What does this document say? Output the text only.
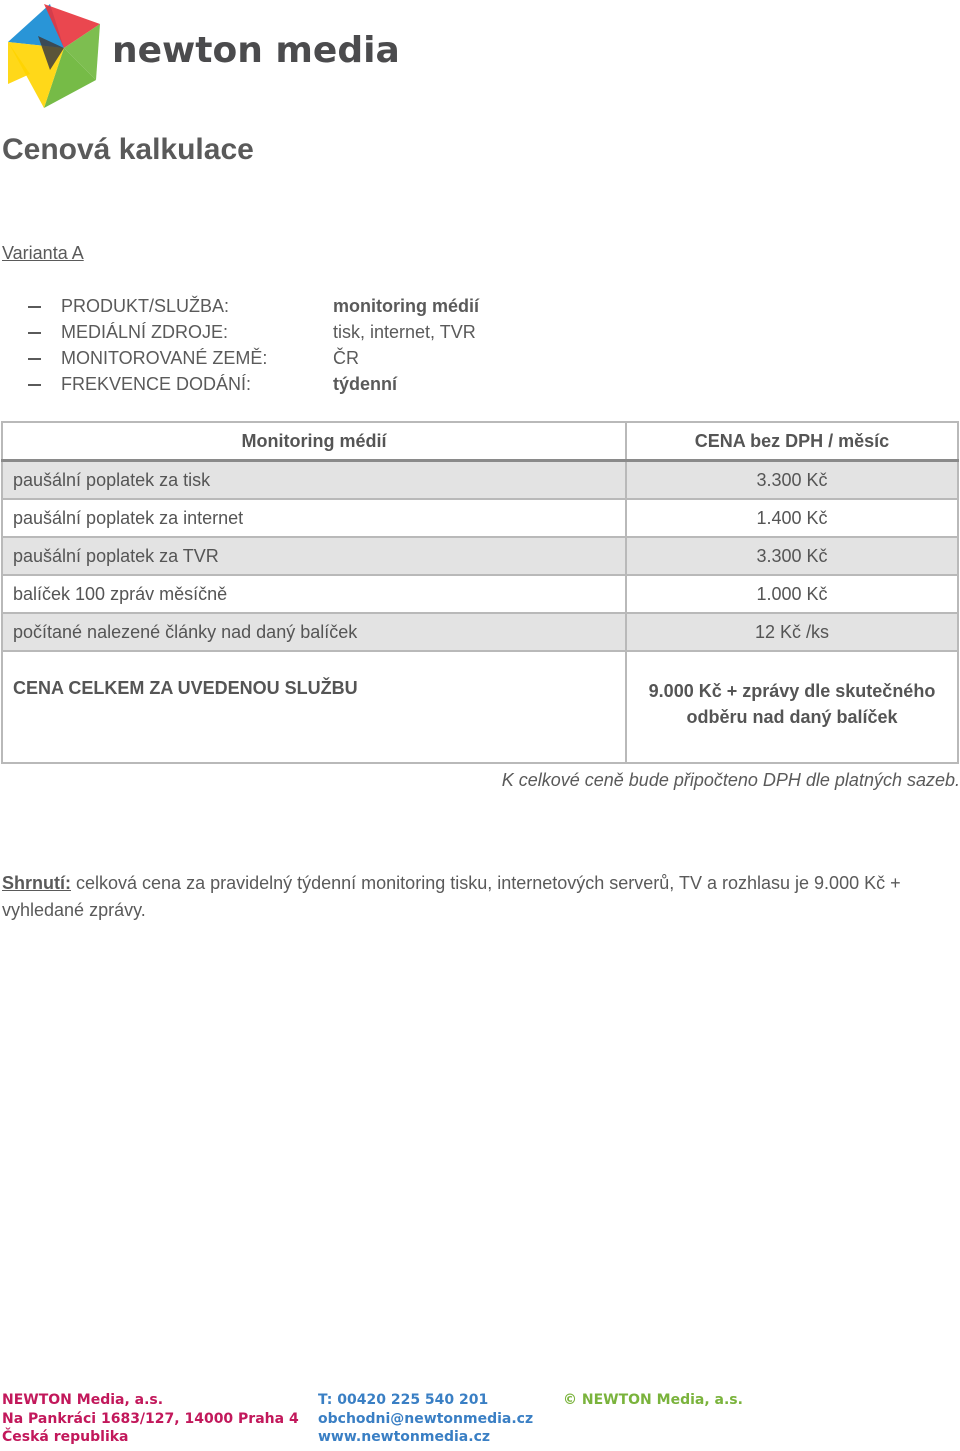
newton media
Cenová kalkulace
Varianta A
PRODUKT/SLUŽBA:	monitoring médií
MEDIÁLNÍ ZDROJE:	tisk, internet, TVR
MONITOROVANÉ ZEMĚ:	ČR
FREKVENCE DODÁNÍ:	týdenní
Monitoring médií	CENA bez DPH / měsíc
paušální poplatek za tisk	3.300 Kč
paušální poplatek za internet	1.400 Kč
paušální poplatek za TVR	3.300 Kč
balíček 100 zpráv měsíčně	1.000 Kč
počítané nalezené články nad daný balíček	12 Kč /ks
CENA CELKEM ZA UVEDENOU SLUŽBU	9.000 Kč + zprávy dle skutečného
odběru nad daný balíček
K celkové ceně bude připočteno DPH dle platných sazeb.
Shrnutí: celková cena za pravidelný týdenní monitoring tisku, internetových serverů, TV a rozhlasu je 9.000 Kč + vyhledané zprávy.
NEWTON Media, a.s.
Na Pankráci 1683/127, 14000 Praha 4
Česká republika
T: 00420 225 540 201
obchodni@newtonmedia.cz
www.newtonmedia.cz
© NEWTON Media, a.s.
